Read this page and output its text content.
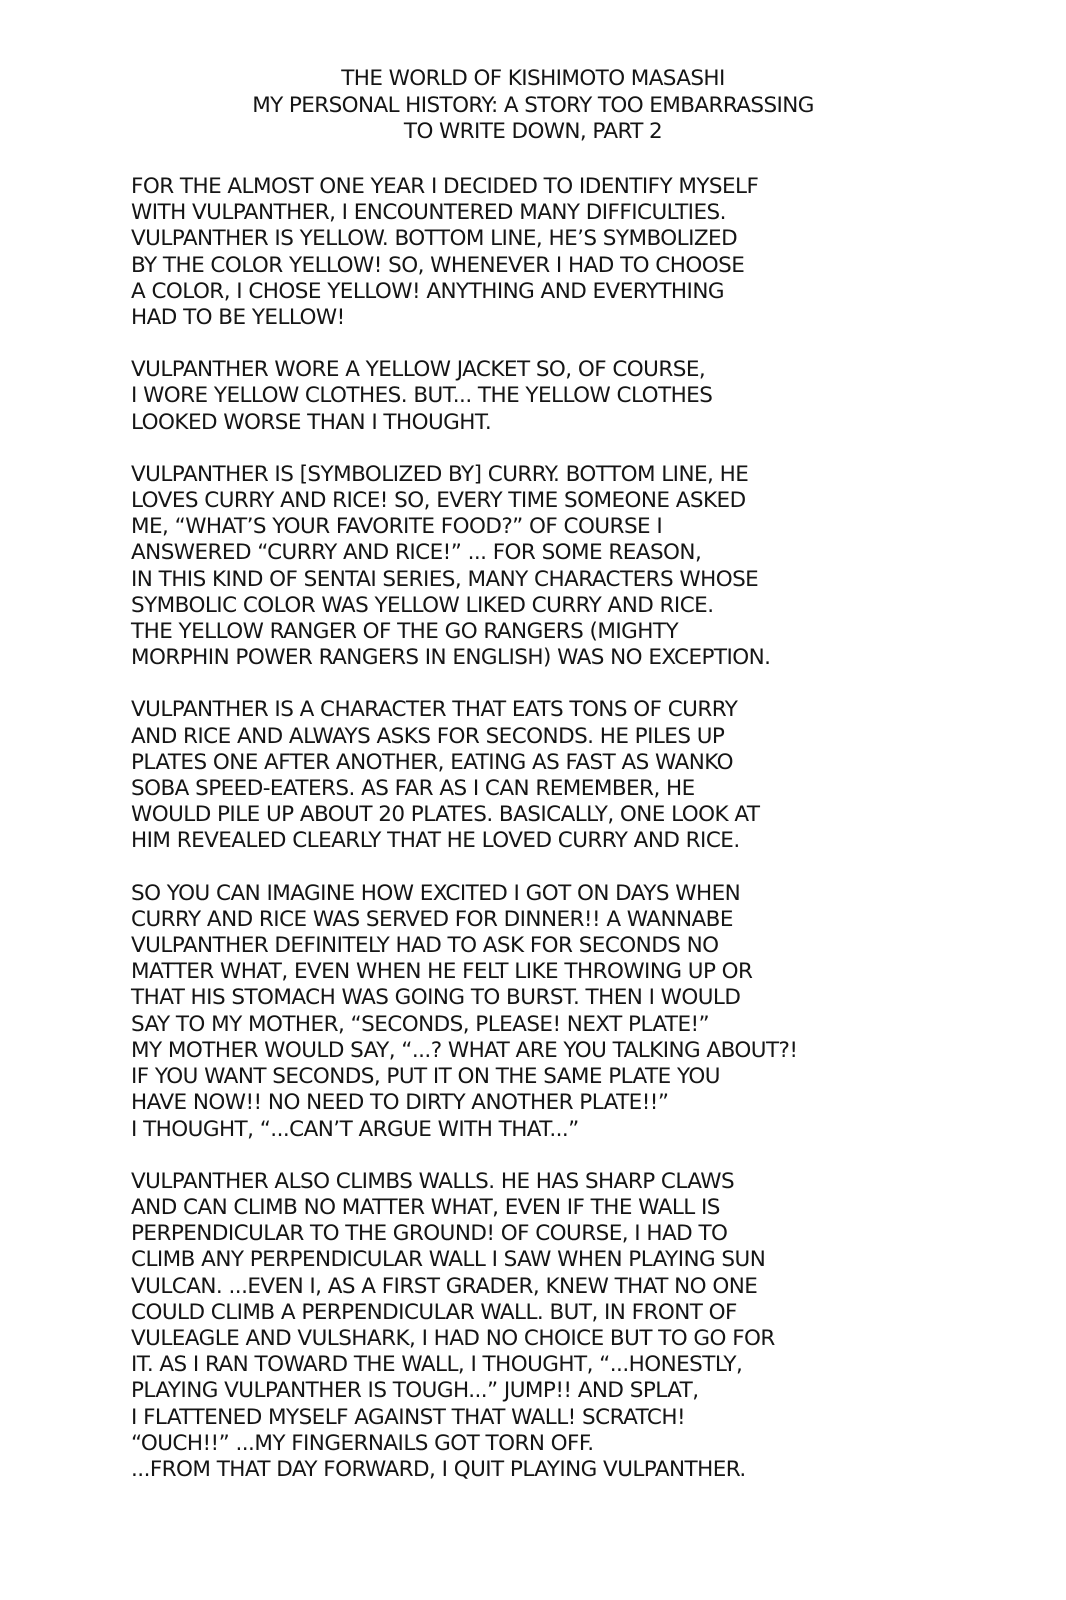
THE WORLD OF KISHIMOTO MASASHI
MY PERSONAL HISTORY: A STORY TOO EMBARRASSING
TO WRITE DOWN, PART 2
FOR THE ALMOST ONE YEAR I DECIDED TO IDENTIFY MYSELF
WITH VULPANTHER, I ENCOUNTERED MANY DIFFICULTIES.
VULPANTHER IS YELLOW. BOTTOM LINE, HE’S SYMBOLIZED
BY THE COLOR YELLOW! SO, WHENEVER I HAD TO CHOOSE
A COLOR, I CHOSE YELLOW! ANYTHING AND EVERYTHING
HAD TO BE YELLOW!
VULPANTHER WORE A YELLOW JACKET SO, OF COURSE,
I WORE YELLOW CLOTHES. BUT... THE YELLOW CLOTHES
LOOKED WORSE THAN I THOUGHT.
VULPANTHER IS [SYMBOLIZED BY] CURRY. BOTTOM LINE, HE
LOVES CURRY AND RICE! SO, EVERY TIME SOMEONE ASKED
ME, “WHAT’S YOUR FAVORITE FOOD?” OF COURSE I
ANSWERED “CURRY AND RICE!” ... FOR SOME REASON,
IN THIS KIND OF SENTAI SERIES, MANY CHARACTERS WHOSE
SYMBOLIC COLOR WAS YELLOW LIKED CURRY AND RICE.
THE YELLOW RANGER OF THE GO RANGERS (MIGHTY
MORPHIN POWER RANGERS IN ENGLISH) WAS NO EXCEPTION.
VULPANTHER IS A CHARACTER THAT EATS TONS OF CURRY
AND RICE AND ALWAYS ASKS FOR SECONDS. HE PILES UP
PLATES ONE AFTER ANOTHER, EATING AS FAST AS WANKO
SOBA SPEED-EATERS. AS FAR AS I CAN REMEMBER, HE
WOULD PILE UP ABOUT 20 PLATES. BASICALLY, ONE LOOK AT
HIM REVEALED CLEARLY THAT HE LOVED CURRY AND RICE.
SO YOU CAN IMAGINE HOW EXCITED I GOT ON DAYS WHEN
CURRY AND RICE WAS SERVED FOR DINNER!! A WANNABE
VULPANTHER DEFINITELY HAD TO ASK FOR SECONDS NO
MATTER WHAT, EVEN WHEN HE FELT LIKE THROWING UP OR
THAT HIS STOMACH WAS GOING TO BURST. THEN I WOULD
SAY TO MY MOTHER, “SECONDS, PLEASE! NEXT PLATE!”
MY MOTHER WOULD SAY, “...? WHAT ARE YOU TALKING ABOUT?!
IF YOU WANT SECONDS, PUT IT ON THE SAME PLATE YOU
HAVE NOW!! NO NEED TO DIRTY ANOTHER PLATE!!”
I THOUGHT, “...CAN’T ARGUE WITH THAT...”
VULPANTHER ALSO CLIMBS WALLS. HE HAS SHARP CLAWS
AND CAN CLIMB NO MATTER WHAT, EVEN IF THE WALL IS
PERPENDICULAR TO THE GROUND! OF COURSE, I HAD TO
CLIMB ANY PERPENDICULAR WALL I SAW WHEN PLAYING SUN
VULCAN. ...EVEN I, AS A FIRST GRADER, KNEW THAT NO ONE
COULD CLIMB A PERPENDICULAR WALL. BUT, IN FRONT OF
VULEAGLE AND VULSHARK, I HAD NO CHOICE BUT TO GO FOR
IT. AS I RAN TOWARD THE WALL, I THOUGHT, “...HONESTLY,
PLAYING VULPANTHER IS TOUGH...” JUMP!! AND SPLAT,
I FLATTENED MYSELF AGAINST THAT WALL! SCRATCH!
“OUCH!!” ...MY FINGERNAILS GOT TORN OFF.
...FROM THAT DAY FORWARD, I QUIT PLAYING VULPANTHER.
